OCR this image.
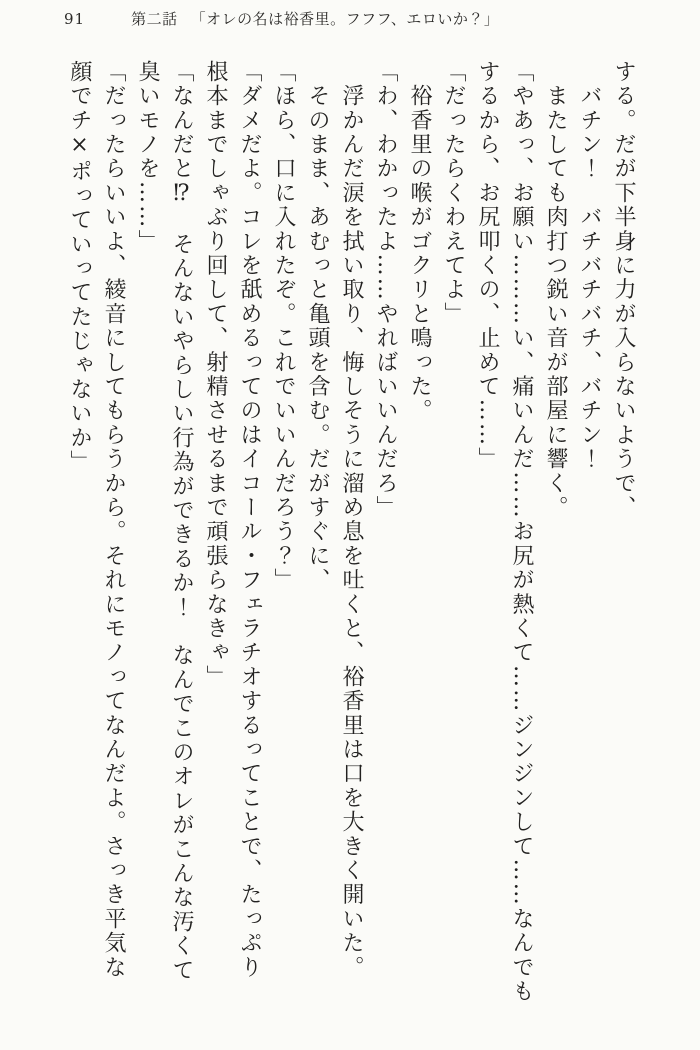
91	第二話 「オレの名は裕香里。フフフ、エロいか？」

する。だが下半身に力が入らないようで、

　バチン！　バチバチバチ、バチン！

　またしても肉打つ鋭い音が部屋に響く。

「やあっ、お願い………い、痛いんだ……お尻が熱くて……ジンジンして……なんでも

するから、お尻叩くの、止めて……」

「だったらくわえてよ」

　裕香里の喉がゴクリと鳴った。

「わ、わかったよ……やればいいんだろ」

　浮かんだ涙を拭い取り、悔しそうに溜め息を吐くと、裕香里は口を大きく開いた。

　そのまま、あむっと亀頭を含む。だがすぐに、

「ほら、口に入れたぞ。これでいいんだろう？」

「ダメだよ。コレを舐めるってのはイコール・フェラチオするってことで、たっぷり

根本までしゃぶり回して、射精させるまで頑張らなきゃ」

「なんだと⁉　そんないやらしい行為ができるか！　なんでこのオレがこんな汚くて

臭いモノを……」

「だったらいいよ、綾音にしてもらうから。それにモノってなんだよ。さっき平気な

顔でチ×ポっていってたじゃないか」
